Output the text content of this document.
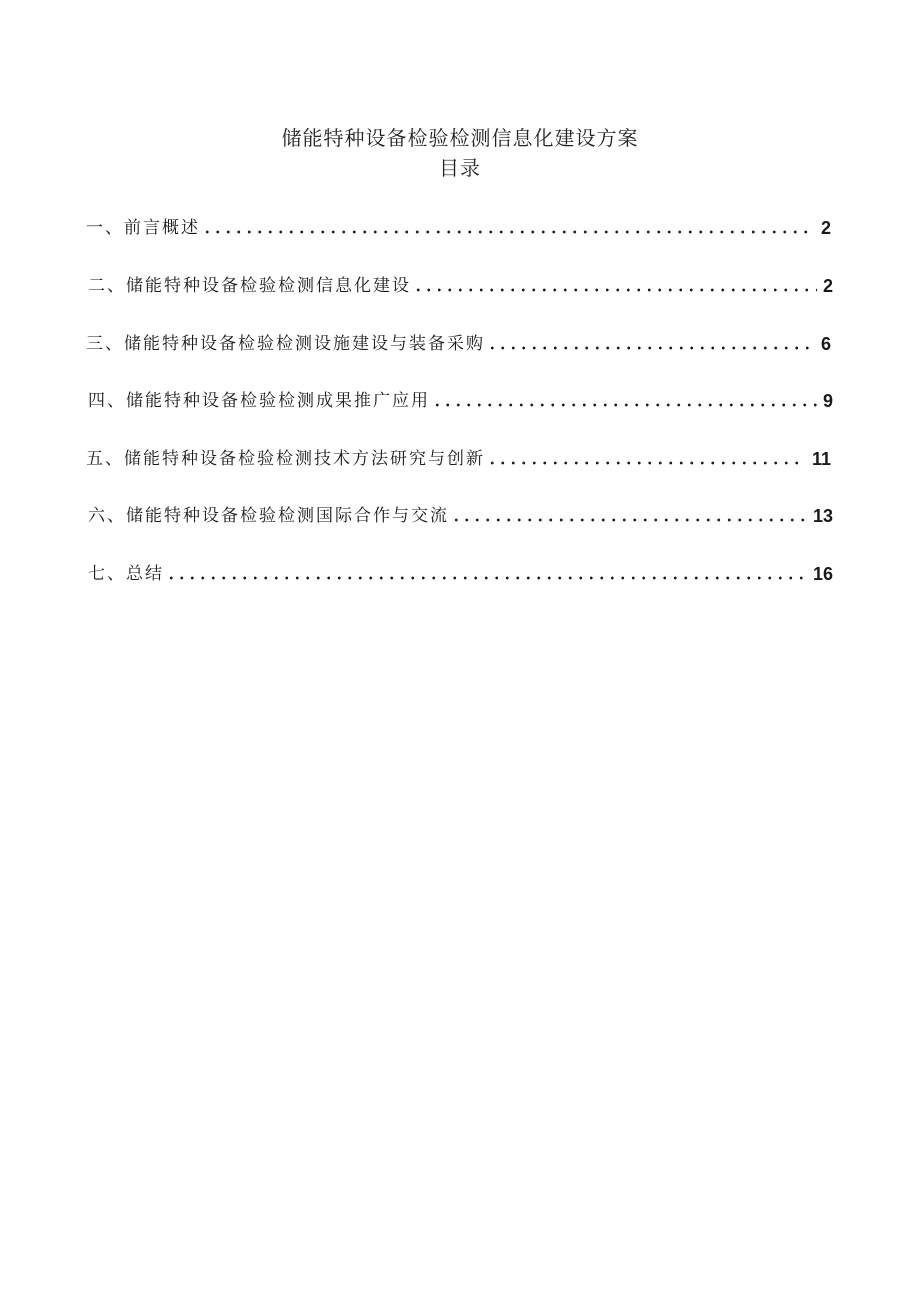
储能特种设备检验检测信息化建设方案
目录
一、前言概述	2
二、储能特种设备检验检测信息化建设	2
三、储能特种设备检验检测设施建设与装备采购	6
四、储能特种设备检验检测成果推广应用	9
五、储能特种设备检验检测技术方法研究与创新	11
六、储能特种设备检验检测国际合作与交流	13
七、总结	16
